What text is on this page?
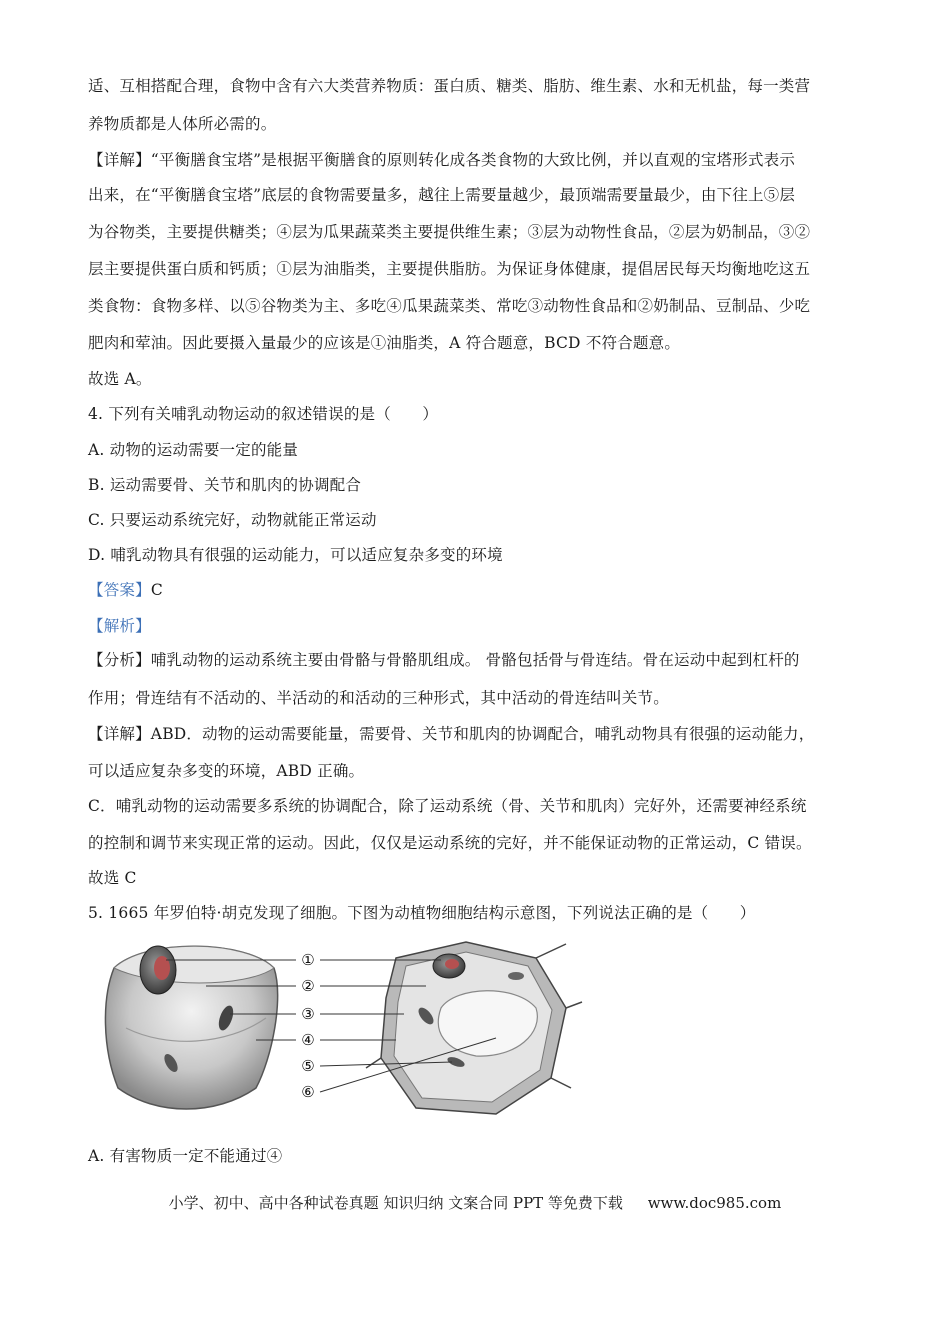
适、互相搭配合理，食物中含有六大类营养物质：蛋白质、糖类、脂肪、维生素、水和无机盐，每一类营
养物质都是人体所必需的。
【详解】“平衡膳食宝塔”是根据平衡膳食的原则转化成各类食物的大致比例，并以直观的宝塔形式表示
出来，在“平衡膳食宝塔”底层的食物需要量多，越往上需要量越少，最顶端需要量最少，由下往上⑤层
为谷物类，主要提供糖类；④层为瓜果蔬菜类主要提供维生素；③层为动物性食品，②层为奶制品，③②
层主要提供蛋白质和钙质；①层为油脂类，主要提供脂肪。为保证身体健康，提倡居民每天均衡地吃这五
类食物：食物多样、以⑤谷物类为主、多吃④瓜果蔬菜类、常吃③动物性食品和②奶制品、豆制品、少吃
肥肉和荤油。因此要摄入量最少的应该是①油脂类，A 符合题意，BCD 不符合题意。
故选 A。
4. 下列有关哺乳动物运动的叙述错误的是（　　）
A. 动物的运动需要一定的能量
B. 运动需要骨、关节和肌肉的协调配合
C. 只要运动系统完好，动物就能正常运动
D. 哺乳动物具有很强的运动能力，可以适应复杂多变的环境
【答案】C
【解析】
【分析】哺乳动物的运动系统主要由骨骼与骨骼肌组成。 骨骼包括骨与骨连结。骨在运动中起到杠杆的
作用；骨连结有不活动的、半活动的和活动的三种形式，其中活动的骨连结叫关节。
【详解】ABD．动物的运动需要能量，需要骨、关节和肌肉的协调配合，哺乳动物具有很强的运动能力，
可以适应复杂多变的环境，ABD 正确。
C．哺乳动物的运动需要多系统的协调配合，除了运动系统（骨、关节和肌肉）完好外，还需要神经系统
的控制和调节来实现正常的运动。因此，仅仅是运动系统的完好，并不能保证动物的正常运动，C 错误。
故选 C
5. 1665 年罗伯特·胡克发现了细胞。下图为动植物细胞结构示意图，下列说法正确的是（　　）
①
②
③
④
⑤
⑥
A. 有害物质一定不能通过④
小学、初中、高中各种试卷真题 知识归纳 文案合同 PPT 等免费下载 www.doc985.com
